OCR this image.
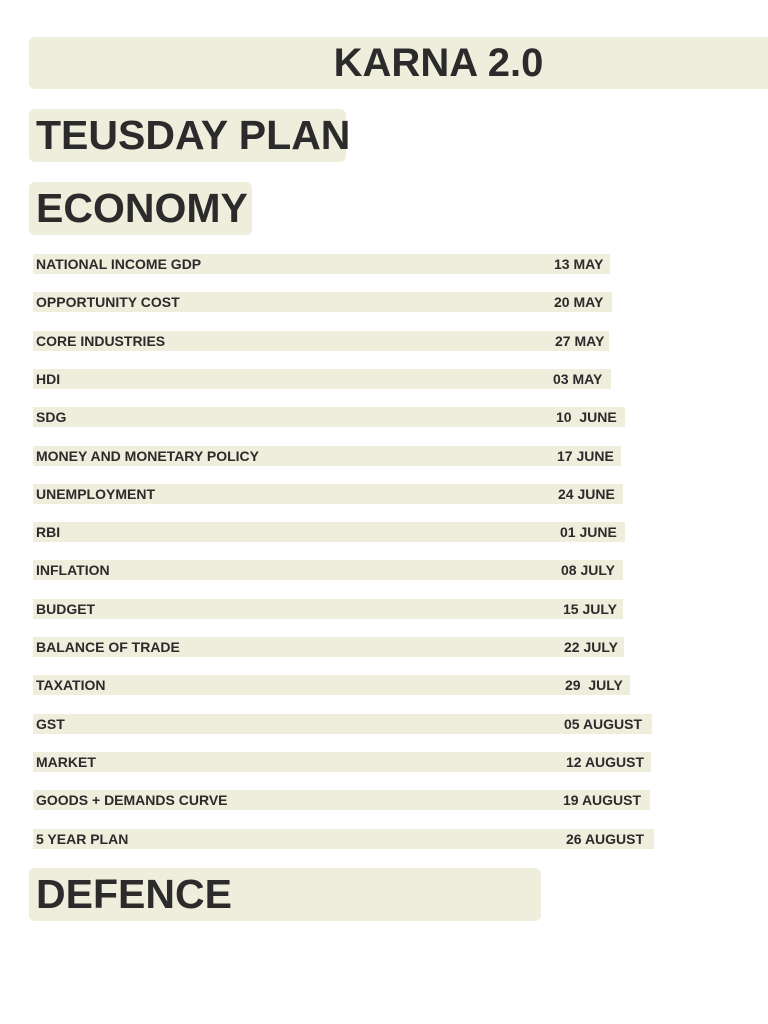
KARNA 2.0
TEUSDAY PLAN
ECONOMY
NATIONAL INCOME GDP	13 MAY
OPPORTUNITY COST	20 MAY
CORE INDUSTRIES	27 MAY
HDI	03 MAY
SDG	10  JUNE
MONEY AND MONETARY POLICY	17 JUNE
UNEMPLOYMENT	24 JUNE
RBI	01 JUNE
INFLATION	08 JULY
BUDGET	15 JULY
BALANCE OF TRADE	22 JULY
TAXATION	29  JULY
GST	05 AUGUST
MARKET	12 AUGUST
GOODS + DEMANDS CURVE	19 AUGUST
5 YEAR PLAN	26 AUGUST
DEFENCE
